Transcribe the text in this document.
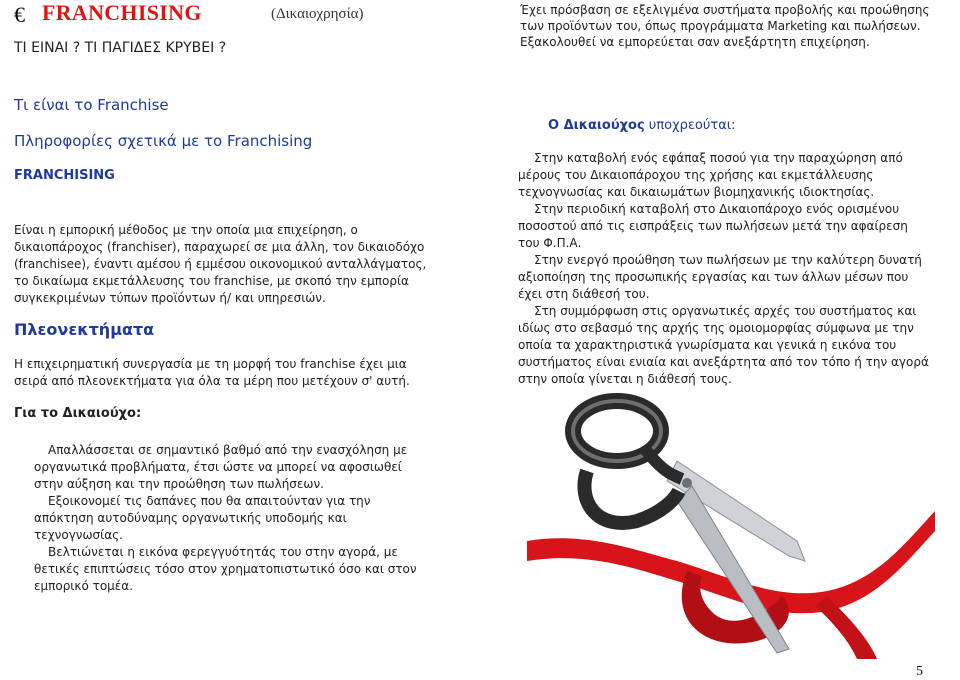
€ FRANCHISING	(Δικαιοχρησία)
ΤΙ ΕΙΝΑΙ ? ΤΙ ΠΑΓΙΔΕΣ ΚΡΥΒΕΙ ?

Έχει πρόσβαση σε εξελιγμένα συστήματα προβολής και προώθησης των προϊόντων του, όπως προγράμματα Marketing και πωλήσεων.

Εξακολουθεί να εμπορεύεται σαν ανεξάρτητη επιχείρηση.

Τι είναι το Franchise
Πληροφορίες σχετικά με το Franchising
FRANCHISING
Είναι η εμπορική μέθοδος με την οποία μια επιχείρηση, ο δικαιοπάροχος (franchiser), παραχωρεί σε μια άλλη, τον δικαιοδόχο (franchisee), έναντι αμέσου ή εμμέσου οικονομικού ανταλλάγματος, το δικαίωμα εκμετάλλευσης του franchise, με σκοπό την εμπορία συγκεκριμένων τύπων προϊόντων ή/ και υπηρεσιών.
Πλεονεκτήματα
Η επιχειρηματική συνεργασία με τη μορφή του franchise έχει μια σειρά από πλεονεκτήματα για όλα τα μέρη που μετέχουν σ' αυτή.
Για το Δικαιούχο:

Απαλλάσσεται σε σημαντικό βαθμό από την ενασχόληση με οργανωτικά προβλήματα, έτσι ώστε να μπορεί να αφοσιωθεί στην αύξηση και την προώθηση των πωλήσεων.

Εξοικονομεί τις δαπάνες που θα απαιτούνταν για την απόκτηση αυτοδύναμης οργανωτικής υποδομής και τεχνογνωσίας.

Βελτιώνεται η εικόνα φερεγγυότητάς του στην αγορά, με θετικές επιπτώσεις τόσο στον χρηματοπιστωτικό όσο και στον εμπορικό τομέα.

Ο Δικαιούχος υποχρεούται:

Στην καταβολή ενός εφάπαξ ποσού για την παραχώρηση από μέρους του Δικαιοπάροχου της χρήσης και εκμετάλλευσης τεχνογνωσίας και δικαιωμάτων βιομηχανικής ιδιοκτησίας.

Στην περιοδική καταβολή στο Δικαιοπάροχο ενός ορισμένου ποσοστού από τις εισπράξεις των πωλήσεων μετά την αφαίρεση του Φ.Π.Α.

Στην ενεργό προώθηση των πωλήσεων με την καλύτερη δυνατή αξιοποίηση της προσωπικής εργασίας και των άλλων μέσων που έχει στη διάθεσή του.

Στη συμμόρφωση στις οργανωτικές αρχές του συστήματος και ιδίως στο σεβασμό της αρχής της ομοιομορφίας σύμφωνα με την οποία τα χαρακτηριστικά γνωρίσματα και γενικά η εικόνα του συστήματος είναι ενιαία και ανεξάρτητα από τον τόπο ή την αγορά στην οποία γίνεται η διάθεσή τους.

5
